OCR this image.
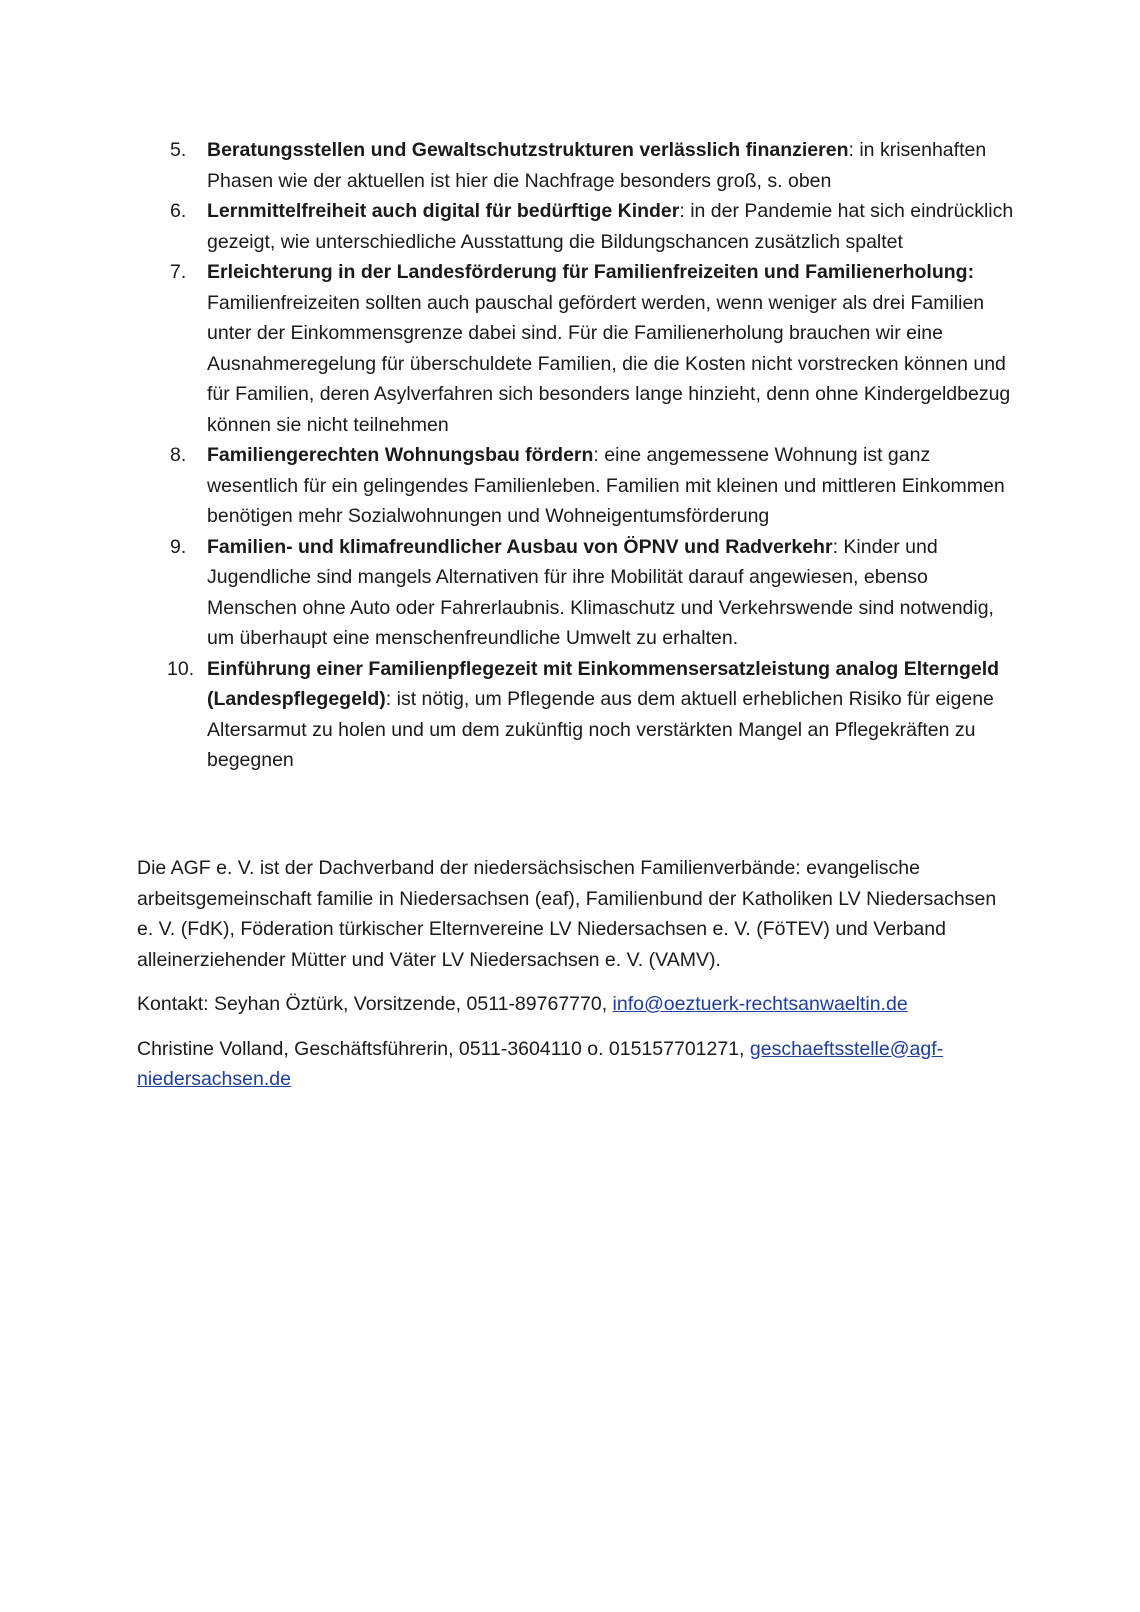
5.	Beratungsstellen und Gewaltschutzstrukturen verlässlich finanzieren: in krisenhaften Phasen wie der aktuellen ist hier die Nachfrage besonders groß, s. oben
6.	Lernmittelfreiheit auch digital für bedürftige Kinder: in der Pandemie hat sich eindrücklich gezeigt, wie unterschiedliche Ausstattung die Bildungschancen zusätzlich spaltet
7.	Erleichterung in der Landesförderung für Familienfreizeiten und Familienerholung: Familienfreizeiten sollten auch pauschal gefördert werden, wenn weniger als drei Familien unter der Einkommensgrenze dabei sind. Für die Familienerholung brauchen wir eine Ausnahmeregelung für überschuldete Familien, die die Kosten nicht vorstrecken können und für Familien, deren Asylverfahren sich besonders lange hinzieht, denn ohne Kindergeldbezug können sie nicht teilnehmen
8.	Familiengerechten Wohnungsbau fördern: eine angemessene Wohnung ist ganz wesentlich für ein gelingendes Familienleben. Familien mit kleinen und mittleren Einkommen benötigen mehr Sozialwohnungen und Wohneigentumsförderung
9.	Familien- und klimafreundlicher Ausbau von ÖPNV und Radverkehr: Kinder und Jugendliche sind mangels Alternativen für ihre Mobilität darauf angewiesen, ebenso Menschen ohne Auto oder Fahrerlaubnis. Klimaschutz und Verkehrswende sind notwendig, um überhaupt eine menschenfreundliche Umwelt zu erhalten.
10. Einführung einer Familienpflegezeit mit Einkommensersatzleistung analog Elterngeld (Landespflegegeld): ist nötig, um Pflegende aus dem aktuell erheblichen Risiko für eigene Altersarmut zu holen und um dem zukünftig noch verstärkten Mangel an Pflegekräften zu begegnen

Die AGF e. V. ist der Dachverband der niedersächsischen Familienverbände: evangelische arbeitsgemeinschaft familie in Niedersachsen (eaf), Familienbund der Katholiken LV Niedersachsen e. V. (FdK), Föderation türkischer Elternvereine LV Niedersachsen e. V. (FöTEV) und Verband alleinerziehender Mütter und Väter LV Niedersachsen e. V. (VAMV).

Kontakt: Seyhan Öztürk, Vorsitzende, 0511-89767770, info@oeztuerk-rechtsanwaeltin.de

Christine Volland, Geschäftsführerin, 0511-3604110 o. 015157701271, geschaeftsstelle@agf-niedersachsen.de
